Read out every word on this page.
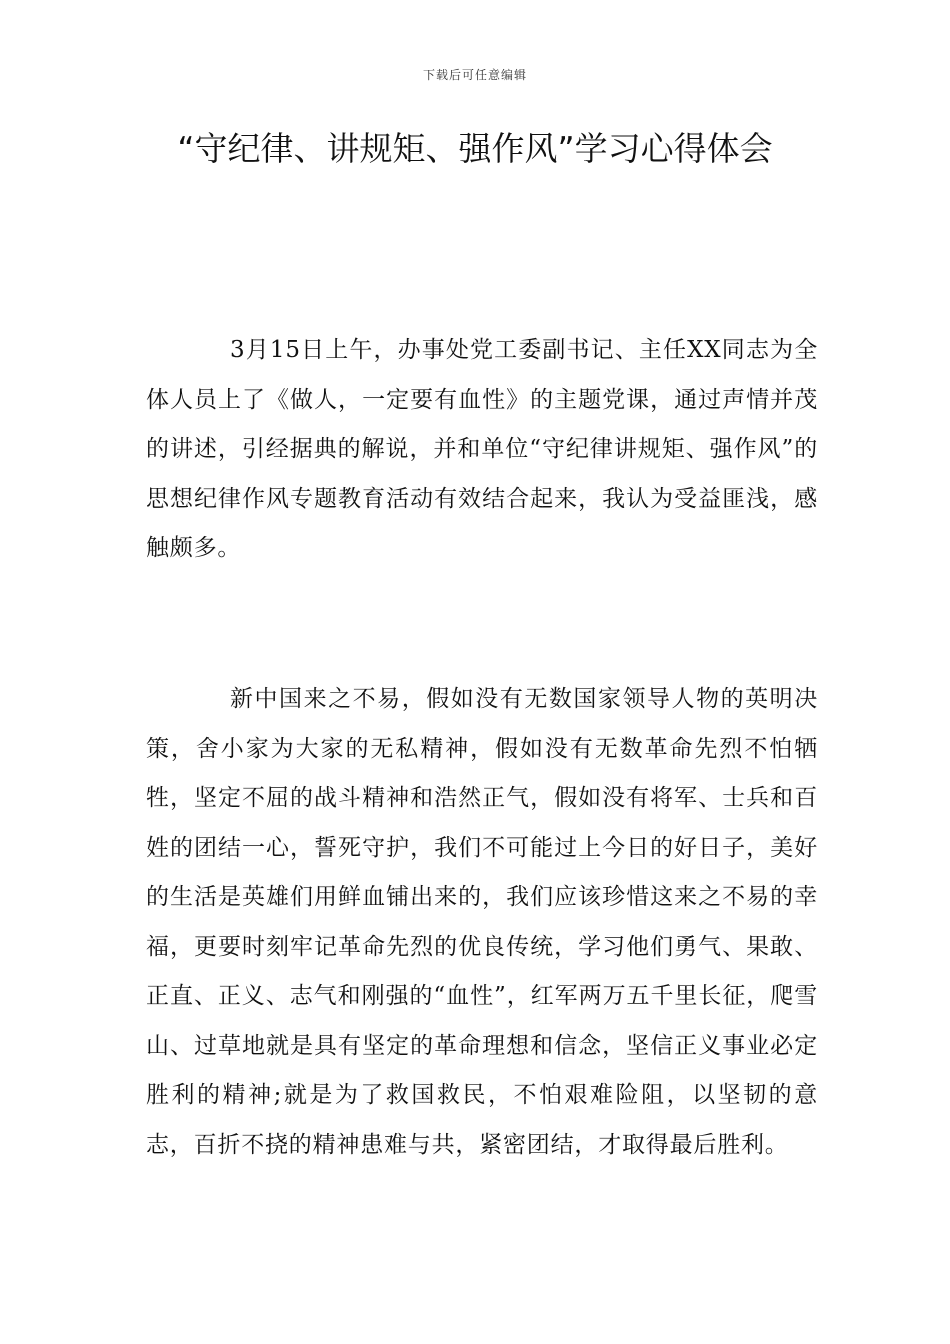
下载后可任意编辑
“守纪律、讲规矩、强作风”学习心得体会

3月15日上午，办事处党工委副书记、主任XX同志为全体人员上了《做人，一定要有血性》的主题党课，通过声情并茂的讲述，引经据典的解说，并和单位“守纪律讲规矩、强作风”的思想纪律作风专题教育活动有效结合起来，我认为受益匪浅，感触颇多。

新中国来之不易，假如没有无数国家领导人物的英明决策，舍小家为大家的无私精神，假如没有无数革命先烈不怕牺牲，坚定不屈的战斗精神和浩然正气，假如没有将军、士兵和百姓的团结一心，誓死守护，我们不可能过上今日的好日子，美好的生活是英雄们用鲜血铺出来的，我们应该珍惜这来之不易的幸福，更要时刻牢记革命先烈的优良传统，学习他们勇气、果敢、正直、正义、志气和刚强的“血性”，红军两万五千里长征，爬雪山、过草地就是具有坚定的革命理想和信念，坚信正义事业必定胜利的精神;就是为了救国救民，不怕艰难险阻，以坚韧的意志，百折不挠的精神患难与共，紧密团结，才取得最后胜利。
